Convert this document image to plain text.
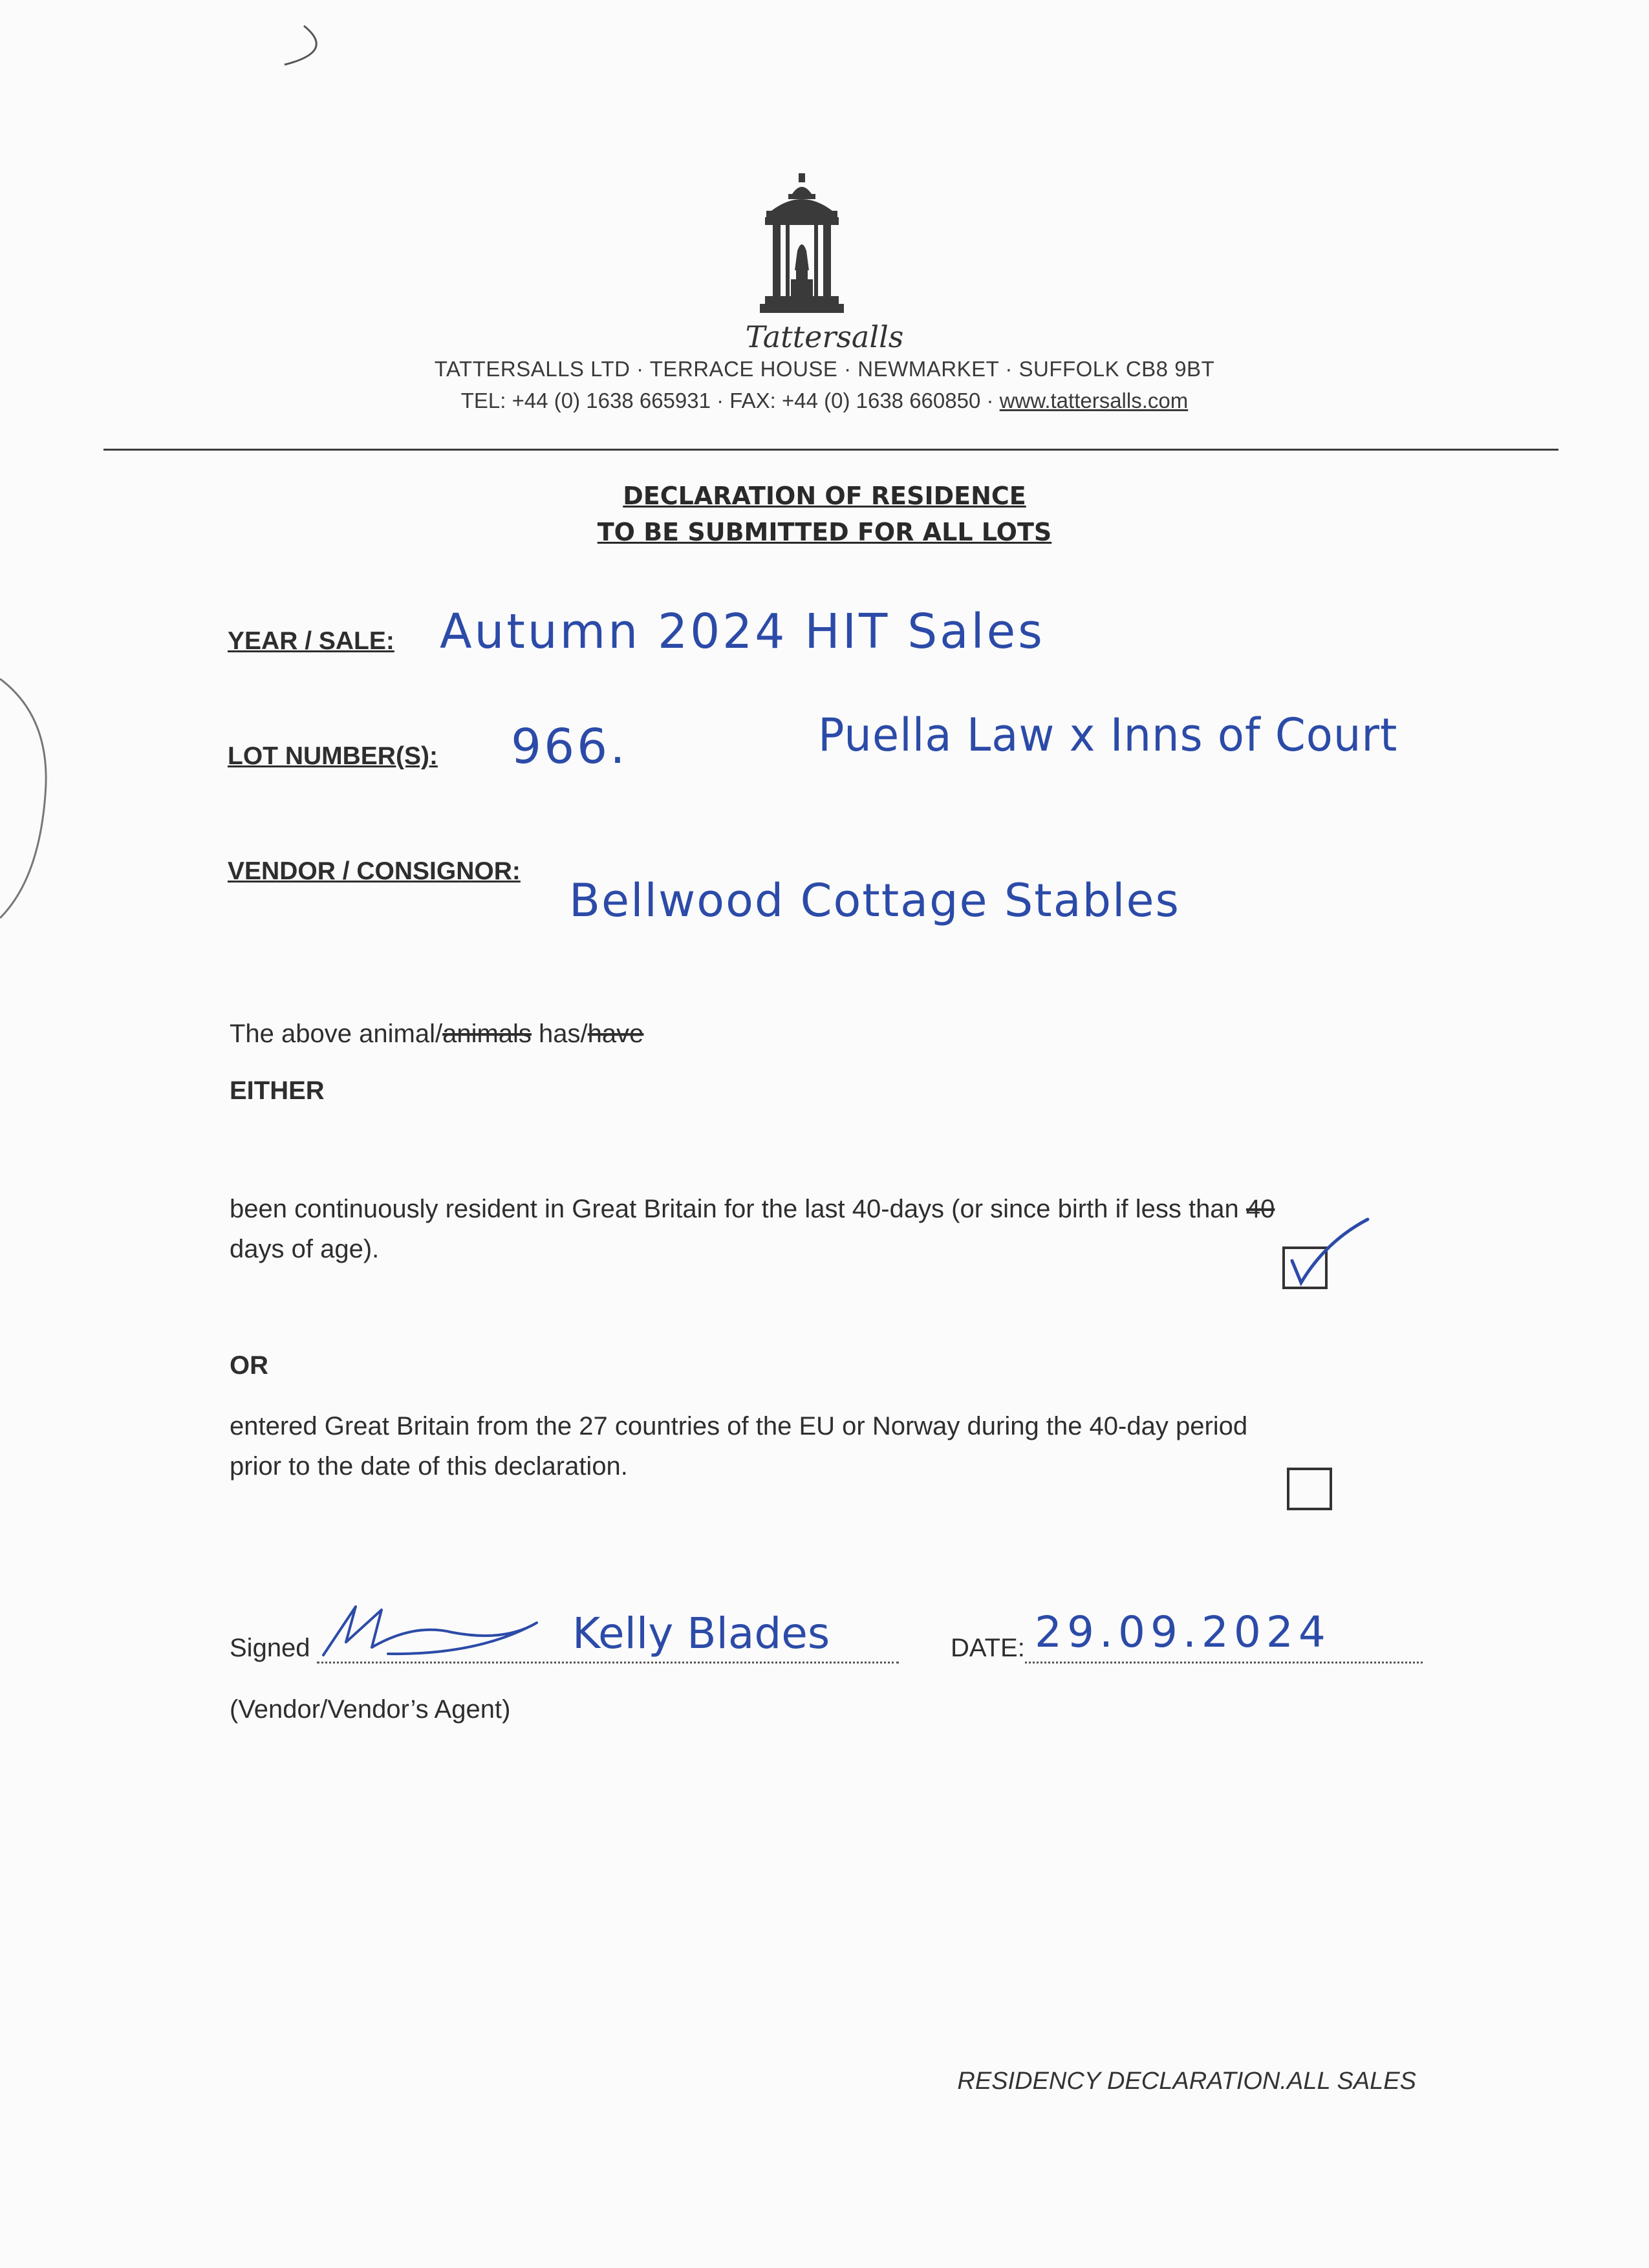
Tattersalls
TATTERSALLS LTD · TERRACE HOUSE · NEWMARKET · SUFFOLK CB8 9BT
TEL: +44 (0) 1638 665931 · FAX: +44 (0) 1638 660850 · www.tattersalls.com
DECLARATION OF RESIDENCE
TO BE SUBMITTED FOR ALL LOTS
YEAR / SALE: Autumn 2024 HIT Sales
LOT NUMBER(S): 966.	Puella Law x Inns of Court
VENDOR / CONSIGNOR:
Bellwood Cottage Stables
The above animal/animals has/have
EITHER
been continuously resident in Great Britain for the last 40-days (or since birth if less than 40
days of age).
OR
entered Great Britain from the 27 countries of the EU or Norway during the 40-day period
prior to the date of this declaration.
Signed	Kelly Blades	DATE: 29.09.2024
(Vendor/Vendor’s Agent)
RESIDENCY DECLARATION.ALL SALES
